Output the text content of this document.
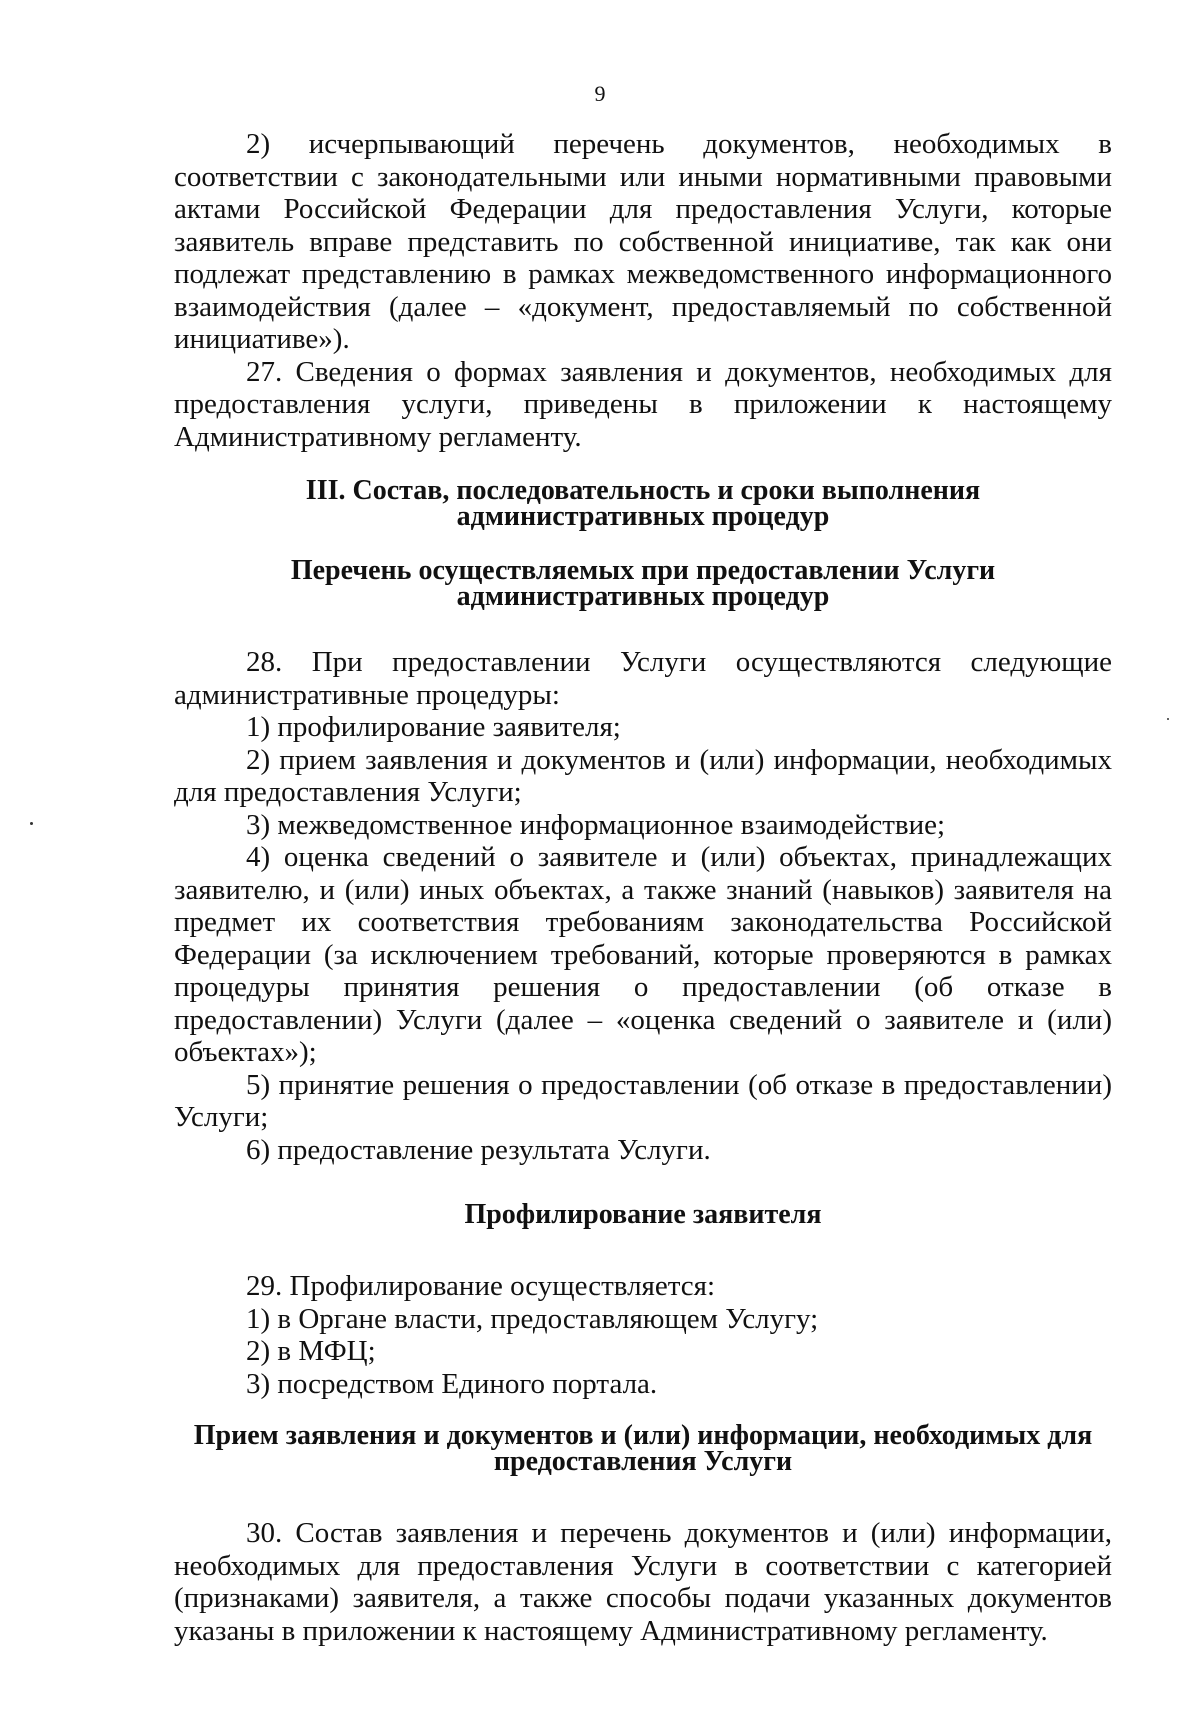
9

2) исчерпывающий перечень документов, необходимых в соответствии с законодательными или иными нормативными правовыми актами Российской Федерации для предоставления Услуги, которые заявитель вправе представить по собственной инициативе, так как они подлежат представлению в рамках межведомственного информационного взаимодействия (далее – «документ, предоставляемый по собственной инициативе»).

27. Сведения о формах заявления и документов, необходимых для предоставления услуги, приведены в приложении к настоящему Административному регламенту.

III. Состав, последовательность и сроки выполнения

административных процедур

Перечень осуществляемых при предоставлении Услуги

административных процедур

28. При предоставлении Услуги осуществляются следующие административные процедуры:

1) профилирование заявителя;

2) прием заявления и документов и (или) информации, необходимых для предоставления Услуги;

3) межведомственное информационное взаимодействие;

4) оценка сведений о заявителе и (или) объектах, принадлежащих заявителю, и (или) иных объектах, а также знаний (навыков) заявителя на предмет их соответствия требованиям законодательства Российской Федерации (за исключением требований, которые проверяются в рамках процедуры принятия решения о предоставлении (об отказе в предоставлении) Услуги (далее – «оценка сведений о заявителе и (или) объектах»);

5) принятие решения о предоставлении (об отказе в предоставлении) Услуги;

6) предоставление результата Услуги.

Профилирование заявителя

29. Профилирование осуществляется:

1) в Органе власти, предоставляющем Услугу;

2) в МФЦ;

3) посредством Единого портала.

Прием заявления и документов и (или) информации, необходимых для

предоставления Услуги

30. Состав заявления и перечень документов и (или) информации, необходимых для предоставления Услуги в соответствии с категорией (признаками) заявителя, а также способы подачи указанных документов указаны в приложении к настоящему Административному регламенту.
